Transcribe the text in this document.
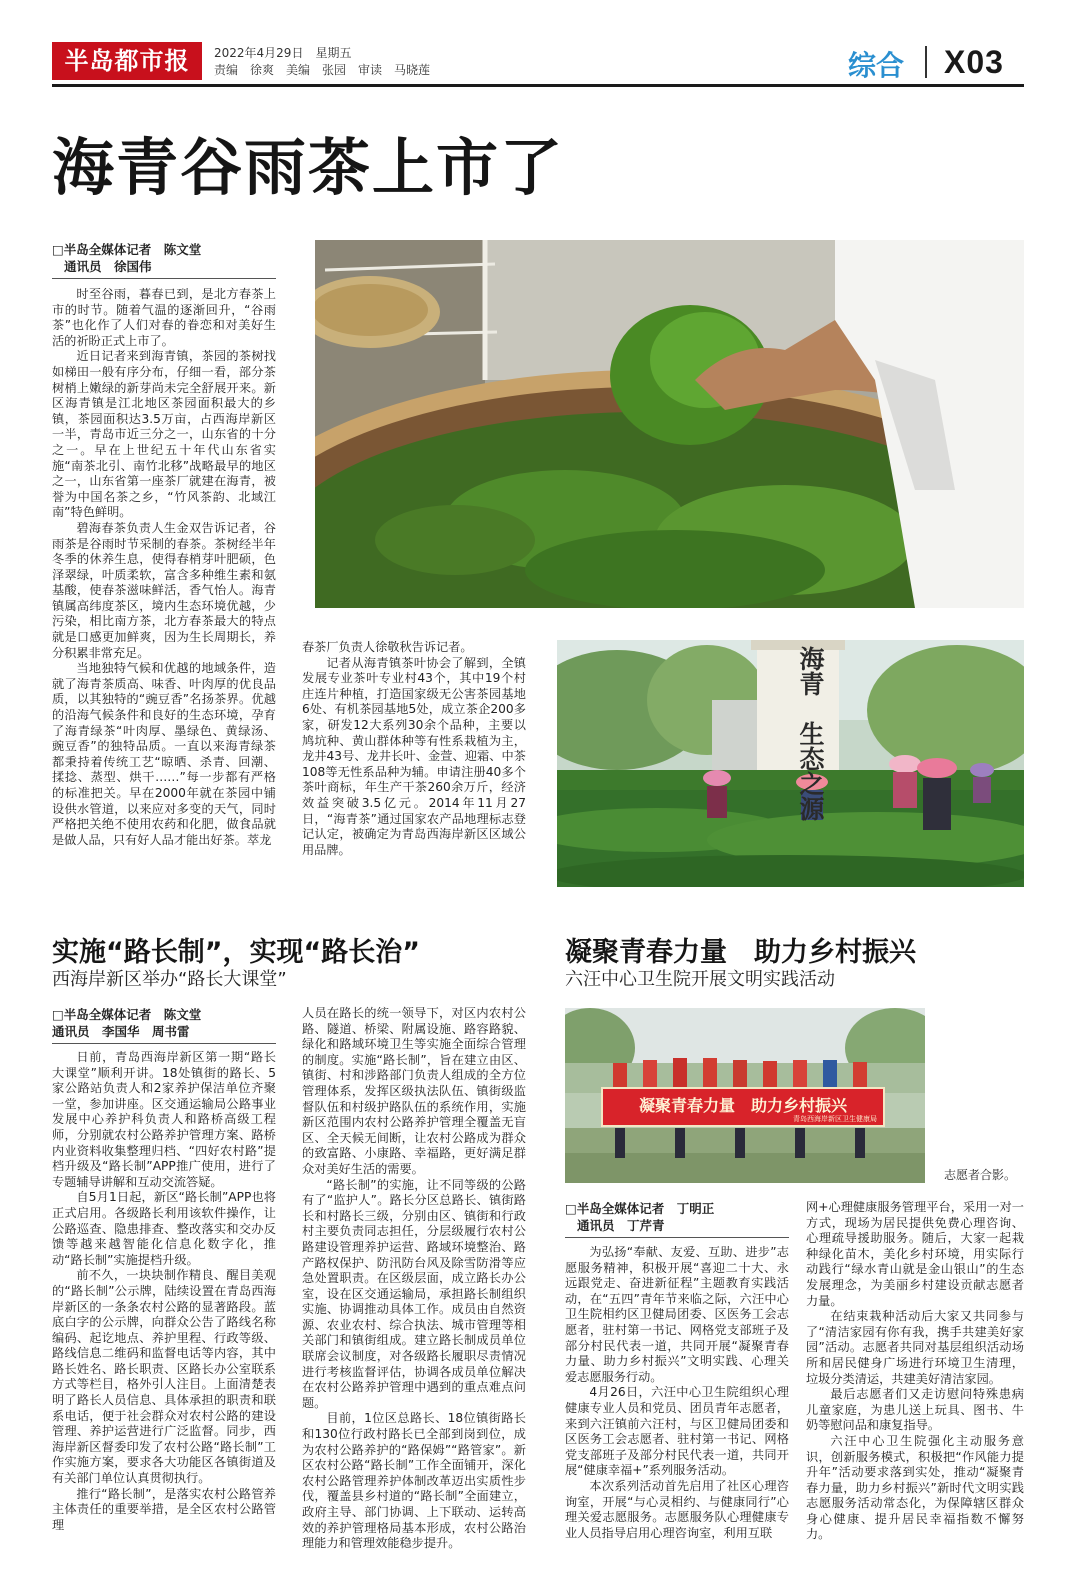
半岛都市报	2022年4月29日　星期五
责编　徐爽　美编　张园　审读　马晓莲	综合 X03
海青谷雨茶上市了
□半岛全媒体记者　陈文堂
通讯员　徐国伟

时至谷雨，暮春已到，是北方春茶上市的时节。随着气温的逐渐回升，“谷雨茶”也化作了人们对春的眷恋和对美好生活的祈盼正式上市了。

近日记者来到海青镇，茶园的茶树找如梯田一般有序分布，仔细一看，部分茶树梢上嫩绿的新芽尚未完全舒展开来。新区海青镇是江北地区茶园面积最大的乡镇，茶园面积达3.5万亩，占西海岸新区一半，青岛市近三分之一，山东省的十分之一。早在上世纪五十年代山东省实施“南茶北引、南竹北移”战略最早的地区之一，山东省第一座茶厂就建在海青，被誉为中国名茶之乡，“竹风茶韵、北域江南”特色鲜明。

碧海春茶负责人生金双告诉记者，谷雨茶是谷雨时节采制的春茶。茶树经半年冬季的休养生息，使得春梢芽叶肥硕，色泽翠绿，叶质柔软，富含多种维生素和氨基酸，使春茶滋味鲜活，香气怡人。海青镇属高纬度茶区，境内生态环境优越，少污染，相比南方茶，北方春茶最大的特点就是口感更加鲜爽，因为生长周期长，养分积累非常充足。

当地独特气候和优越的地域条件，造就了海青茶质高、味香、叶肉厚的优良品质，以其独特的“豌豆香”名扬茶界。优越的沿海气候条件和良好的生态环境，孕育了海青绿茶“叶肉厚、墨绿色、黄绿汤、豌豆香”的独特品质。一直以来海青绿茶都秉持着传统工艺“晾晒、杀青、回潮、揉捻、蒸型、烘干……”每一步都有严格的标准把关。早在2000年就在茶园中铺设供水管道，以来应对多变的天气，同时严格把关绝不使用农药和化肥，做食品就是做人品，只有好人品才能出好茶。萃龙

春茶厂负责人徐敬秋告诉记者。

记者从海青镇茶叶协会了解到，全镇发展专业茶叶专业村43个，其中19个村庄连片种植，打造国家级无公害茶园基地6处、有机茶园基地5处，成立茶企200多家，研发12大系列30余个品种，主要以鸠坑种、黄山群体种等有性系栽植为主，龙井43号、龙井长叶、金萱、迎霜、中茶108等无性系品种为辅。申请注册40多个茶叶商标，年生产干茶260余万斤，经济效益突破3.5亿元。2014年11月27日，“海青茶”通过国家农产品地理标志登记认定，被确定为青岛西海岸新区区域公用品牌。

海青　生态之源
实施“路长制”，实现“路长治”
西海岸新区举办“路长大课堂”
□半岛全媒体记者　陈文堂
通讯员　李国华　周书雷

日前，青岛西海岸新区第一期“路长大课堂”顺利开讲。18处镇街的路长、5家公路站负责人和2家养护保洁单位齐聚一堂，参加讲座。区交通运输局公路事业发展中心养护科负责人和路桥高级工程师，分别就农村公路养护管理方案、路桥内业资料收集整理归档、“四好农村路”提档升级及“路长制”APP推广使用，进行了专题辅导讲解和互动交流答疑。

自5月1日起，新区“路长制”APP也将正式启用。各级路长利用该软件操作，让公路巡查、隐患排查、整改落实和交办反馈等越来越智能化信息化数字化，推动“路长制”实施提档升级。

前不久，一块块制作精良、醒目美观的“路长制”公示牌，陆续设置在青岛西海岸新区的一条条农村公路的显著路段。蓝底白字的公示牌，向群众公告了路线名称编码、起讫地点、养护里程、行政等级、路线信息二维码和监督电话等内容，其中路长姓名、路长职责、区路长办公室联系方式等栏目，格外引人注目。上面清楚表明了路长人员信息、具体承担的职责和联系电话，便于社会群众对农村公路的建设管理、养护运营进行广泛监督。同步，西海岸新区督委印发了农村公路“路长制”工作实施方案，要求各大功能区各镇街道及有关部门单位认真贯彻执行。

推行“路长制”，是落实农村公路管养主体责任的重要举措，是全区农村公路管理

人员在路长的统一领导下，对区内农村公路、隧道、桥梁、附属设施、路容路貌、绿化和路域环境卫生等实施全面综合管理的制度。实施“路长制”，旨在建立由区、镇街、村和涉路部门负责人组成的全方位管理体系，发挥区级执法队伍、镇街级监督队伍和村级护路队伍的系统作用，实施新区范围内农村公路养护管理全覆盖无盲区、全天候无间断，让农村公路成为群众的致富路、小康路、幸福路，更好满足群众对美好生活的需要。

“路长制”的实施，让不同等级的公路有了“监护人”。路长分区总路长、镇街路长和村路长三级，分别由区、镇街和行政村主要负责同志担任，分层级履行农村公路建设管理养护运营、路域环境整治、路产路权保护、防汛防台风及除雪防滑等应急处置职责。在区级层面，成立路长办公室，设在区交通运输局，承担路长制组织实施、协调推动具体工作。成员由自然资源、农业农村、综合执法、城市管理等相关部门和镇街组成。建立路长制成员单位联席会议制度，对各级路长履职尽责情况进行考核监督评估，协调各成员单位解决在农村公路养护管理中遇到的重点难点问题。

目前，1位区总路长、18位镇街路长和130位行政村路长已全部到岗到位，成为农村公路养护的“路保姆”“路管家”。新区农村公路“路长制”工作全面铺开，深化农村公路管理养护体制改革迈出实质性步伐，覆盖县乡村道的“路长制”全面建立，政府主导、部门协调、上下联动、运转高效的养护管理格局基本形成，农村公路治理能力和管理效能稳步提升。

凝聚青春力量　助力乡村振兴
六汪中心卫生院开展文明实践活动
凝聚青春力量　助力乡村振兴
青岛西海岸新区卫生健康局
志愿者合影。
□半岛全媒体记者　丁明正
通讯员　丁芹青

为弘扬“奉献、友爱、互助、进步”志愿服务精神，积极开展“喜迎二十大、永远跟党走、奋进新征程”主题教育实践活动，在“五四”青年节来临之际，六汪中心卫生院相约区卫健局团委、区医务工会志愿者，驻村第一书记、网格党支部班子及部分村民代表一道，共同开展“凝聚青春力量、助力乡村振兴”文明实践、心理关爱志愿服务行动。

4月26日，六汪中心卫生院组织心理健康专业人员和党员、团员青年志愿者，来到六汪镇前六汪村，与区卫健局团委和区医务工会志愿者、驻村第一书记、网格党支部班子及部分村民代表一道，共同开展“健康幸福+”系列服务活动。

本次系列活动首先启用了社区心理咨询室，开展“与心灵相约、与健康同行”心理关爱志愿服务。志愿服务队心理健康专业人员指导启用心理咨询室，利用互联

网+心理健康服务管理平台，采用一对一方式，现场为居民提供免费心理咨询、心理疏导援助服务。随后，大家一起栽种绿化苗木，美化乡村环境，用实际行动践行“绿水青山就是金山银山”的生态发展理念，为美丽乡村建设贡献志愿者力量。

在结束栽种活动后大家又共同参与了“清洁家园有你有我，携手共建美好家园”活动。志愿者共同对基层组织活动场所和居民健身广场进行环境卫生清理，垃圾分类清运，共建美好清洁家园。

最后志愿者们又走访慰问特殊患病儿童家庭，为患儿送上玩具、图书、牛奶等慰问品和康复指导。

六汪中心卫生院强化主动服务意识，创新服务模式，积极把“作风能力提升年”活动要求落到实处，推动“凝聚青春力量，助力乡村振兴”新时代文明实践志愿服务活动常态化，为保障辖区群众身心健康、提升居民幸福指数不懈努力。
